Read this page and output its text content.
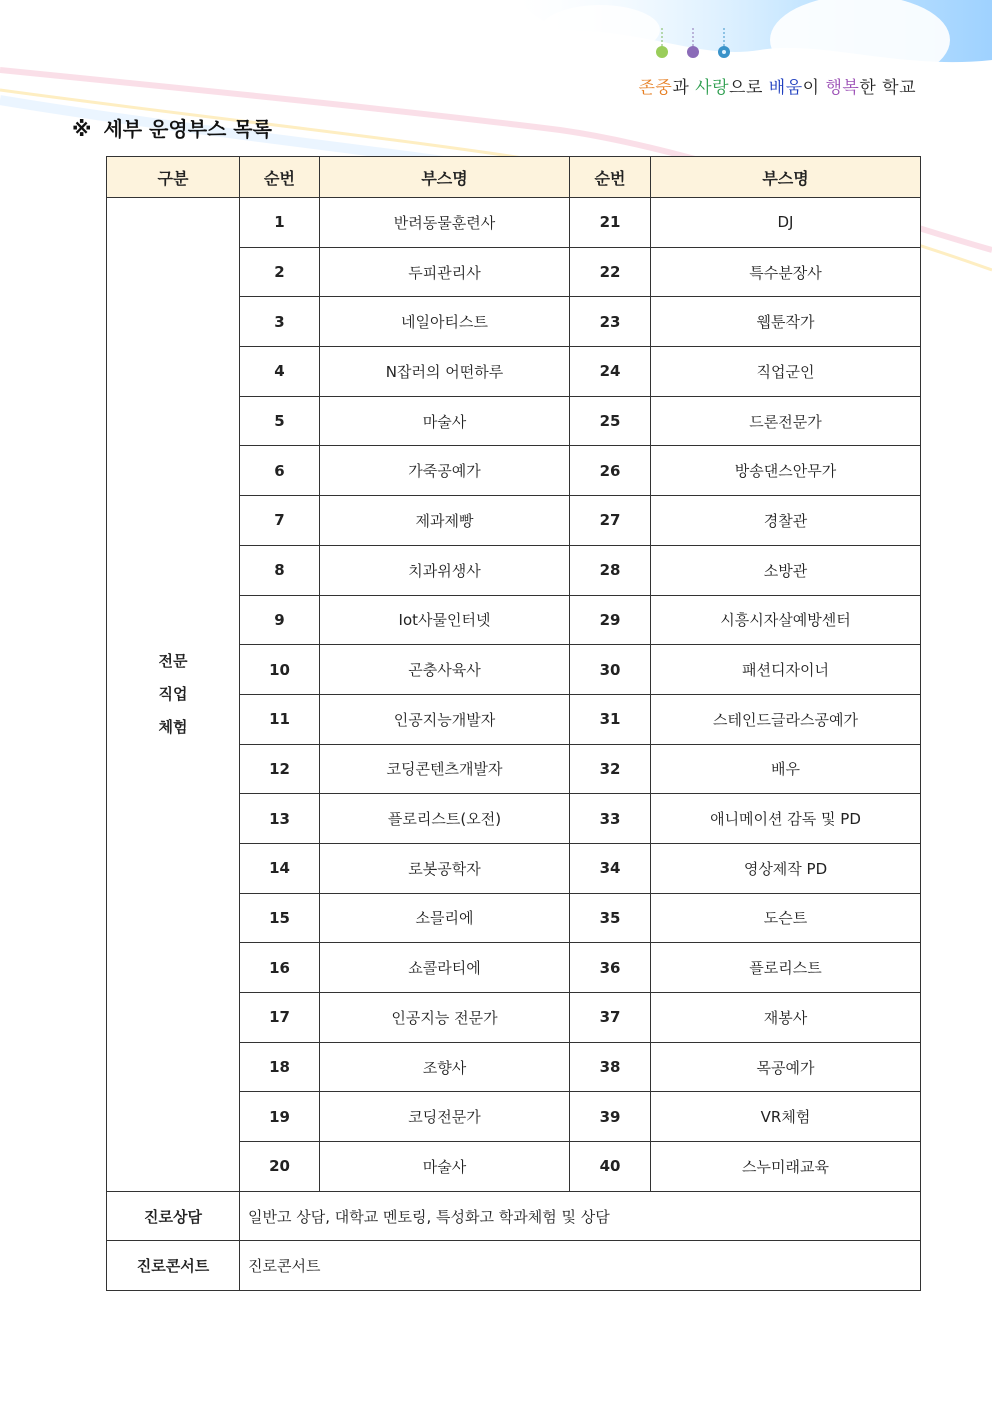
존중과 사랑으로 배움이 행복한 학교
※ 세부 운영부스 목록
구분	순번	부스명	순번	부스명

전문
직업
체험	1	반려동물훈련사	21	DJ
	2	두피관리사	22	특수분장사
	3	네일아티스트	23	웹툰작가
	4	N잡러의 어떤하루	24	직업군인
	5	마술사	25	드론전문가
	6	가죽공예가	26	방송댄스안무가
	7	제과제빵	27	경찰관
	8	치과위생사	28	소방관
	9	Iot사물인터넷	29	시흥시자살예방센터
	10	곤충사육사	30	패션디자이너
	11	인공지능개발자	31	스테인드글라스공예가
	12	코딩콘텐츠개발자	32	배우
	13	플로리스트(오전)	33	애니메이션 감독 및 PD
	14	로봇공학자	34	영상제작 PD
	15	소믈리에	35	도슨트
	16	쇼콜라티에	36	플로리스트
	17	인공지능 전문가	37	재봉사
	18	조향사	38	목공예가
	19	코딩전문가	39	VR체험
	20	마술사	40	스누미래교육
진로상담	일반고 상담, 대학교 멘토링, 특성화고 학과체험 및 상담			
진로콘서트	진로콘서트			
